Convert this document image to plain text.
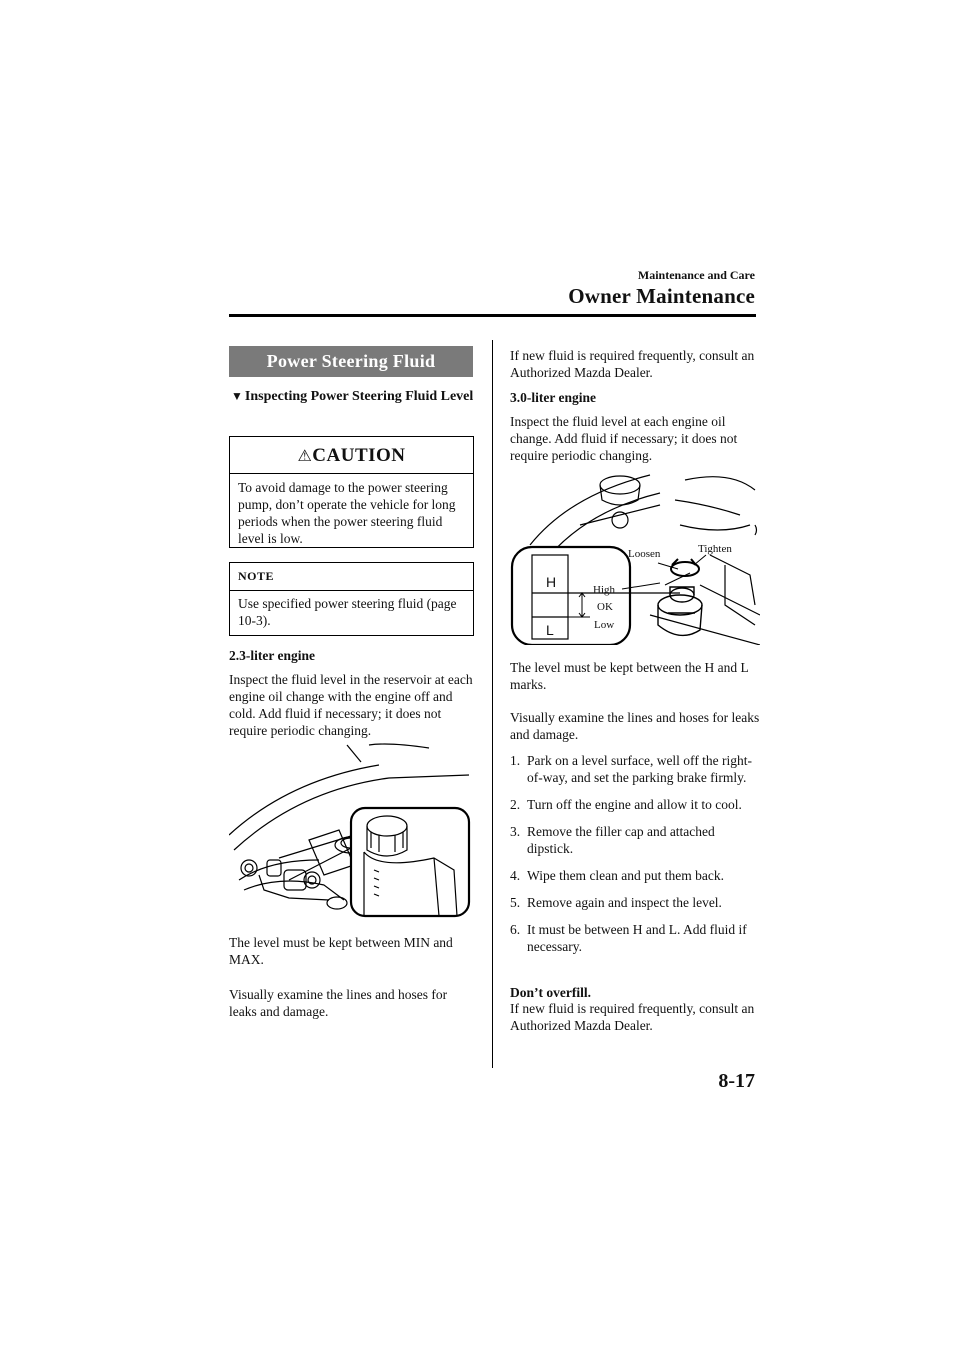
Maintenance and Care
Owner Maintenance
Power Steering Fluid
▼ Inspecting Power Steering Fluid Level
⚠CAUTION
To avoid damage to the power steering pump, don’t operate the vehicle for long periods when the power steering fluid level is low.
NOTE
Use specified power steering fluid (page 10-3).
2.3-liter engine
Inspect the fluid level in the reservoir at each engine oil change with the engine off and cold. Add fluid if necessary; it does not require periodic changing.
The level must be kept between MIN and MAX.
Visually examine the lines and hoses for leaks and damage.
If new fluid is required frequently, consult an Authorized Mazda Dealer.
3.0-liter engine
Inspect the fluid level at each engine oil change. Add fluid if necessary; it does not require periodic changing.
H
L
High
OK
Low
Loosen	Tighten
The level must be kept between the H and L marks.
Visually examine the lines and hoses for leaks and damage.
1. Park on a level surface, well off the right-of-way, and set the parking brake firmly.
2. Turn off the engine and allow it to cool.
3. Remove the filler cap and attached dipstick.
4. Wipe them clean and put them back.
5. Remove again and inspect the level.
6. It must be between H and L. Add fluid if necessary.
Don’t overfill.
If new fluid is required frequently, consult an Authorized Mazda Dealer.
8-17
